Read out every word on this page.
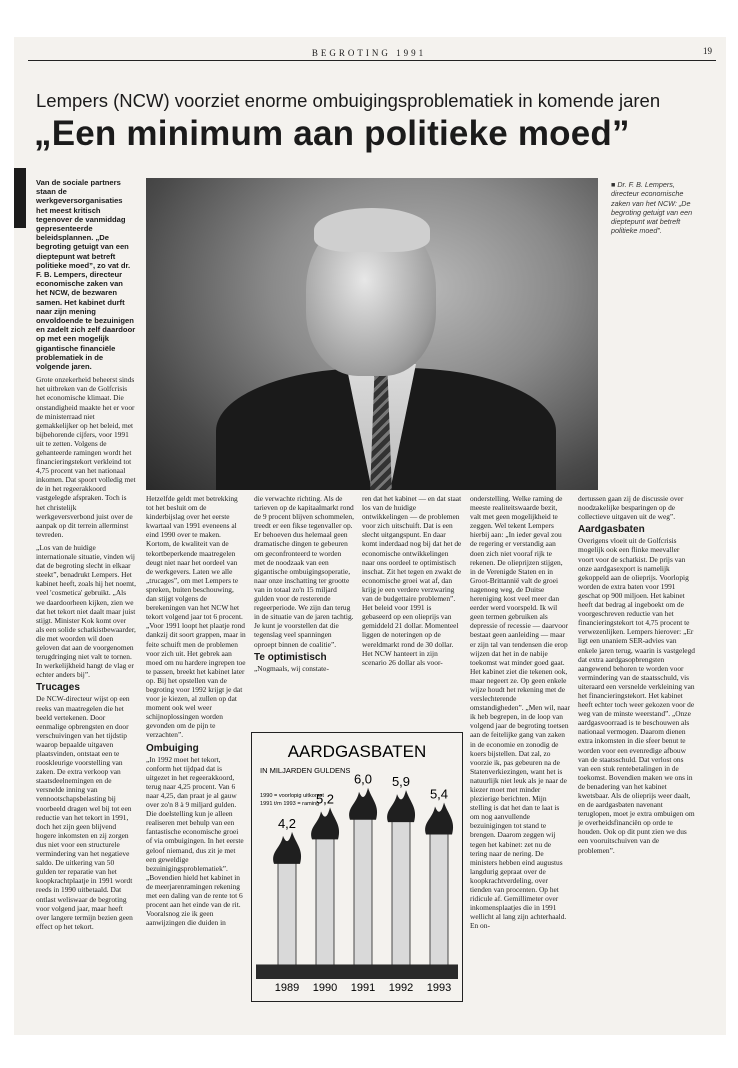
BEGROTING 1991	19
Lempers (NCW) voorziet enorme ombuigingsproblematiek in komende jaren
„Een minimum aan politieke moed”
Interview	■ Dr. F. B. Lempers, directeur economische zaken van het NCW: „De begroting getuigt van een dieptepunt wat betreft politieke moed”.

Van de sociale partners staan de werkgeversorganisaties het meest kritisch tegenover de vanmiddag gepresenteerde beleidsplannen. „De begroting getuigt van een dieptepunt wat betreft politieke moed”, zo vat dr. F. B. Lempers, directeur economische zaken van het NCW, de bezwaren samen. Het kabinet durft naar zijn mening onvoldoende te bezuinigen en zadelt zich zelf daardoor op met een mogelijk gigantische financiële problematiek in de volgende jaren.

Grote onzekerheid beheerst sinds het uitbreken van de Golfcrisis het economische klimaat. Die onstandigheid maakte het er voor de ministerraad niet gemakkelijker op het beleid, met bijbehorende cijfers, voor 1991 uit te zetten. Volgens de gehanteerde ramingen wordt het financieringstekort verkleind tot 4,75 procent van het nationaal inkomen. Dat spoort volledig met de in het regeerakkoord vastgelegde afspraken. Toch is het christelijk werkgeversverbond juist over de aanpak op dit terrein allerminst tevreden.

„Los van de huidige internationale situatie, vinden wij dat de begroting slecht in elkaar steekt”, benadrukt Lempers. Het kabinet heeft, zoals hij het noemt, veel 'cosmetica' gebruikt. „Als we daardoorheen kijken, zien we dat het tekort niet daalt maar juist stijgt. Minister Kok komt over als een solide schatkistbewaarder, die met woorden wil doen geloven dat aan de voorgenomen terugdringing niet valt te tornen. In werkelijkheid hangt de vlag er echter anders bij”.

Trucages

De NCW-directeur wijst op een reeks van maatregelen die het beeld vertekenen. Door eenmalige opbrengsten en door verschuivingen van het tijdstip waarop bepaalde uitgaven plaatsvinden, ontstaat een te rooskleurige voorstelling van zaken. De extra verkoop van staatsdeelnemingen en de versnelde inning van vennootschapsbelasting bij voorbeeld dragen wel bij tot een reductie van het tekort in 1991, doch het zijn geen blijvend hogere inkomsten en zij zorgen dus niet voor een structurele vermindering van het negatieve saldo. De uitkering van 50 gulden ter reparatie van het koopkrachtplaatje in 1991 wordt reeds in 1990 uitbetaald. Dat ontlast weliswaar de begroting voor volgend jaar, maar heeft over langere termijn bezien geen effect op het tekort.

Hetzelfde geldt met betrekking tot het besluit om de kinderbijslag over het eerste kwartaal van 1991 eveneens al eind 1990 over te maken. Kortom, de kwaliteit van de tekortbeperkende maatregelen deugt niet naar het oordeel van de werkgevers. Laten we alle „trucages”, om met Lempers te spreken, buiten beschouwing, dan stijgt volgens de berekeningen van het NCW het tekort volgend jaar tot 6 procent. „Voor 1991 loopt het plaatje rond dankzij dit soort grappen, maar in feite schuift men de problemen voor zich uit. Het gebrek aan moed om nu hardere ingrepen toe te passen, breekt het kabinet later op. Bij het opstellen van de begroting voor 1992 krijgt je dat voor je kiezen, al zullen op dat moment ook wel weer schijnoplossingen worden gevonden om de pijn te verzachten”.

Ombuiging

„In 1992 moet het tekort, conform het tijdpad dat is uitgezet in het regeerakkoord, terug naar 4,25 procent. Van 6 naar 4,25, dan praat je al gauw over zo'n 8 à 9 miljard gulden. Die doelstelling kun je alleen realiseren met behulp van een fantastische economische groei of via ombuigingen. In het eerste geloof niemand, dus zit je met een geweldige bezuinigingsproblematiek”. „Bovendien hield het kabinet in de meerjarenramingen rekening met een daling van de rente tot 6 procent aan het einde van de rit. Vooralsnog zie ik geen aanwijzingen die duiden in

die verwachte richting. Als de tarieven op de kapitaalmarkt rond de 9 procent blijven schommelen, treedt er een fikse tegenvaller op. Er behoeven dus helemaal geen dramatische dingen te gebeuren om geconfronteerd te worden met de noodzaak van een gigantische ombuigingsoperatie, naar onze inschatting ter grootte van in totaal zo'n 15 miljard gulden voor de resterende regeerperiode. We zijn dan terug in de situatie van de jaren tachtig. Je kunt je voorstellen dat die tegenslag veel spanningen oproept binnen de coalitie”.

Te optimistisch

„Nogmaals, wij constate-

ren dat het kabinet — en dat staat los van de huidige ontwikkelingen — de problemen voor zich uitschuift. Dat is een slecht uitgangspunt. En daar komt inderdaad nog bij dat het de economische ontwikkelingen naar ons oordeel te optimistisch inschat. Zit het tegen en zwakt de economische groei wat af, dan krijg je een verdere verzwaring van de budgettaire problemen”. Het beleid voor 1991 is gebaseerd op een olieprijs van gemiddeld 21 dollar. Momenteel liggen de noteringen op de wereldmarkt rond de 30 dollar. Het NCW hanteert in zijn scenario 26 dollar als voor-

onderstelling. Welke raming de meeste realiteitswaarde bezit, valt met geen mogelijkheid te zeggen. Wel tekent Lempers hierbij aan: „In ieder geval zou de regering er verstandig aan doen zich niet vooraf rijk te rekenen. De olieprijzen stijgen, in de Verenigde Staten en in Groot-Brittannië valt de groei nagenoeg weg, de Duitse hereniging kost veel meer dan eerder werd voorspeld. Ik wil geen termen gebruiken als depressie of recessie — daarvoor bestaat geen aanleiding — maar er zijn tal van tendensen die erop wijzen dat het in de nabije toekomst wat minder goed gaat. Het kabinet ziet die tekenen ook, maar negeert ze. Op geen enkele wijze houdt het rekening met de verslechterende omstandigheden”. „Men wil, naar ik heb begrepen, in de loop van volgend jaar de begroting toetsen aan de feitelijke gang van zaken in de economie en zonodig de koers bijstellen. Dat zal, zo voorzie ik, pas gebeuren na de Statenverkiezingen, want het is natuurlijk niet leuk als je naar de kiezer moet met minder plezierige berichten. Mijn stelling is dat het dan te laat is om nog aanvullende bezuinigingen tot stand te brengen. Daarom zeggen wij tegen het kabinet: zet nu de tering naar de nering. De ministers hebben eind augustus langdurig gepraat over de koopkrachtverdeling, over tienden van procenten. Op het ridicule af. Gemillimeter over inkomensplaatjes die in 1991 wellicht al lang zijn achterhaald. En on-

dertussen gaan zij de discussie over noodzakelijke besparingen op de collectieve uitgaven uit de weg”.

Aardgasbaten

Overigens vloeit uit de Golfcrisis mogelijk ook een flinke meevaller voort voor de schatkist. De prijs van onze aardgasexport is namelijk gekoppeld aan de olieprijs. Voorlopig worden de extra baten voor 1991 geschat op 900 miljoen. Het kabinet heeft dat bedrag al ingeboekt om de voorgeschreven reductie van het financieringstekort tot 4,75 procent te verwezenlijken. Lempers hierover: „Er ligt een unaniem SER-advies van enkele jaren terug, waarin is vastgelegd dat extra aardgasopbrengsten aangewend behoren te worden voor vermindering van de staatsschuld, vis uiteraard een versnelde verkleining van het financieringstekort. Het kabinet heeft echter toch weer gekozen voor de weg van de minste weerstand”. „Onze aardgasvoorraad is te beschouwen als nationaal vermogen. Daarom dienen extra inkomsten in die sfeer benut te worden voor een evenredige afbouw van de staatsschuld. Dat verlost ons van een stuk rentebetalingen in de toekomst. Bovendien maken we ons in de benadering van het kabinet kwetsbaar. Als de olieprijs weer daalt, en de aardgasbaten navenant teruglopen, moet je extra ombuigen om je overheidsfinanciën op orde te houden. Ook op dit punt zien we dus een vooruitschuiven van de problemen”.

AARDGASBATEN
IN MILJARDEN GULDENS
1990 = voorlopig uitkomst
1991 t/m 1993 = raming
4,2
1989
5,2
1990
6,0
1991
5,9
1992
5,4
1993
